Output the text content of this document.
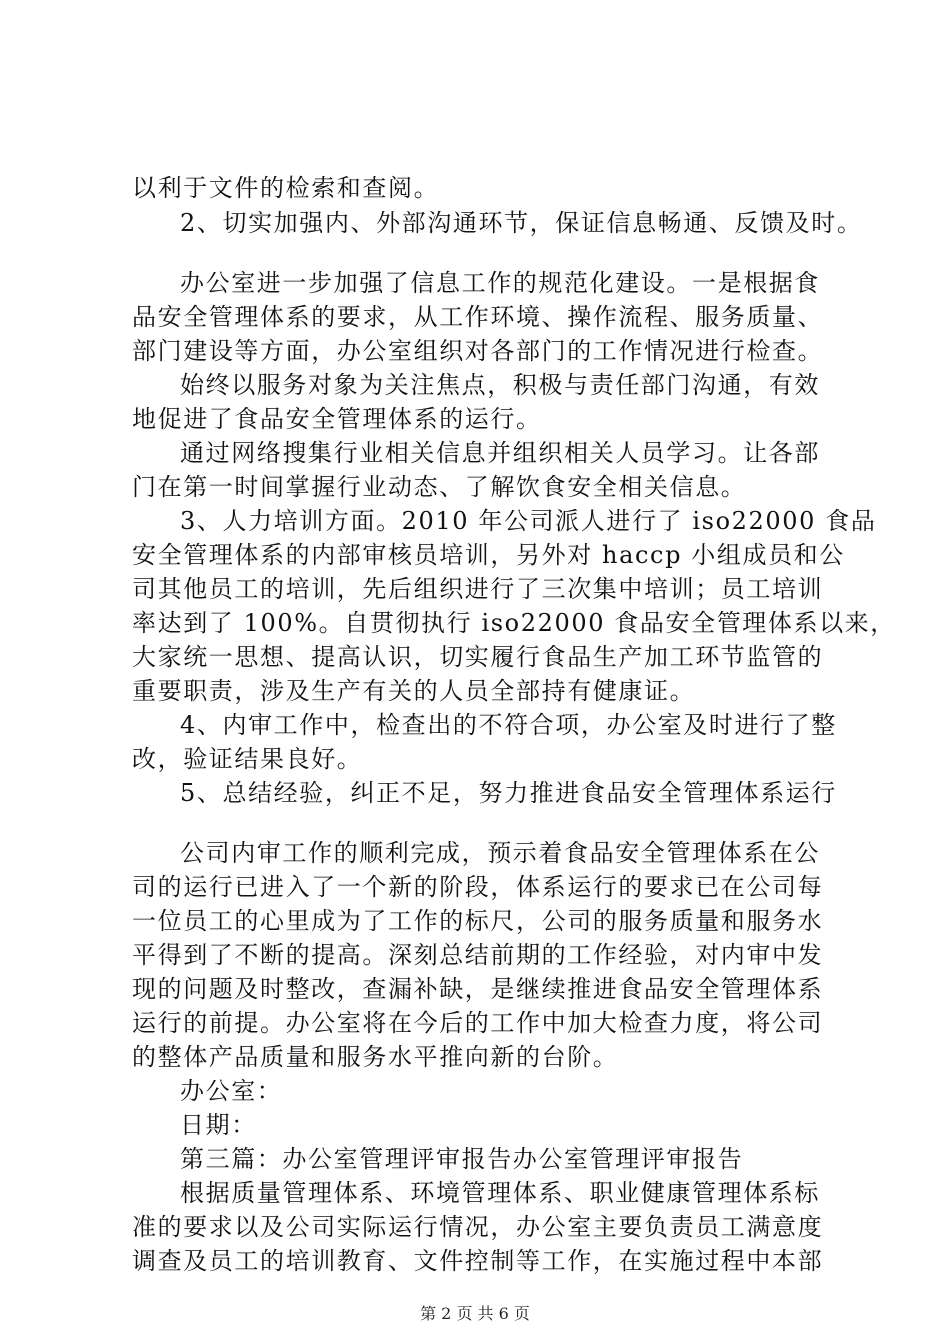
以利于文件的检索和查阅。
2、切实加强内、外部沟通环节，保证信息畅通、反馈及时。
办公室进一步加强了信息工作的规范化建设。一是根据食
品安全管理体系的要求，从工作环境、操作流程、服务质量、
部门建设等方面，办公室组织对各部门的工作情况进行检查。
始终以服务对象为关注焦点，积极与责任部门沟通，有效
地促进了食品安全管理体系的运行。
通过网络搜集行业相关信息并组织相关人员学习。让各部
门在第一时间掌握行业动态、了解饮食安全相关信息。
3、人力培训方面。2010 年公司派人进行了 iso22000 食品
安全管理体系的内部审核员培训，另外对 haccp 小组成员和公
司其他员工的培训，先后组织进行了三次集中培训；员工培训
率达到了 100%。自贯彻执行 iso22000 食品安全管理体系以来，
大家统一思想、提高认识，切实履行食品生产加工环节监管的
重要职责，涉及生产有关的人员全部持有健康证。
4、内审工作中，检查出的不符合项，办公室及时进行了整
改，验证结果良好。
5、总结经验，纠正不足，努力推进食品安全管理体系运行
公司内审工作的顺利完成，预示着食品安全管理体系在公
司的运行已进入了一个新的阶段，体系运行的要求已在公司每
一位员工的心里成为了工作的标尺，公司的服务质量和服务水
平得到了不断的提高。深刻总结前期的工作经验，对内审中发
现的问题及时整改，查漏补缺，是继续推进食品安全管理体系
运行的前提。办公室将在今后的工作中加大检查力度，将公司
的整体产品质量和服务水平推向新的台阶。
办公室：
日期：
第三篇：办公室管理评审报告办公室管理评审报告
根据质量管理体系、环境管理体系、职业健康管理体系标
准的要求以及公司实际运行情况，办公室主要负责员工满意度
调查及员工的培训教育、文件控制等工作，在实施过程中本部
第 2 页 共 6 页
